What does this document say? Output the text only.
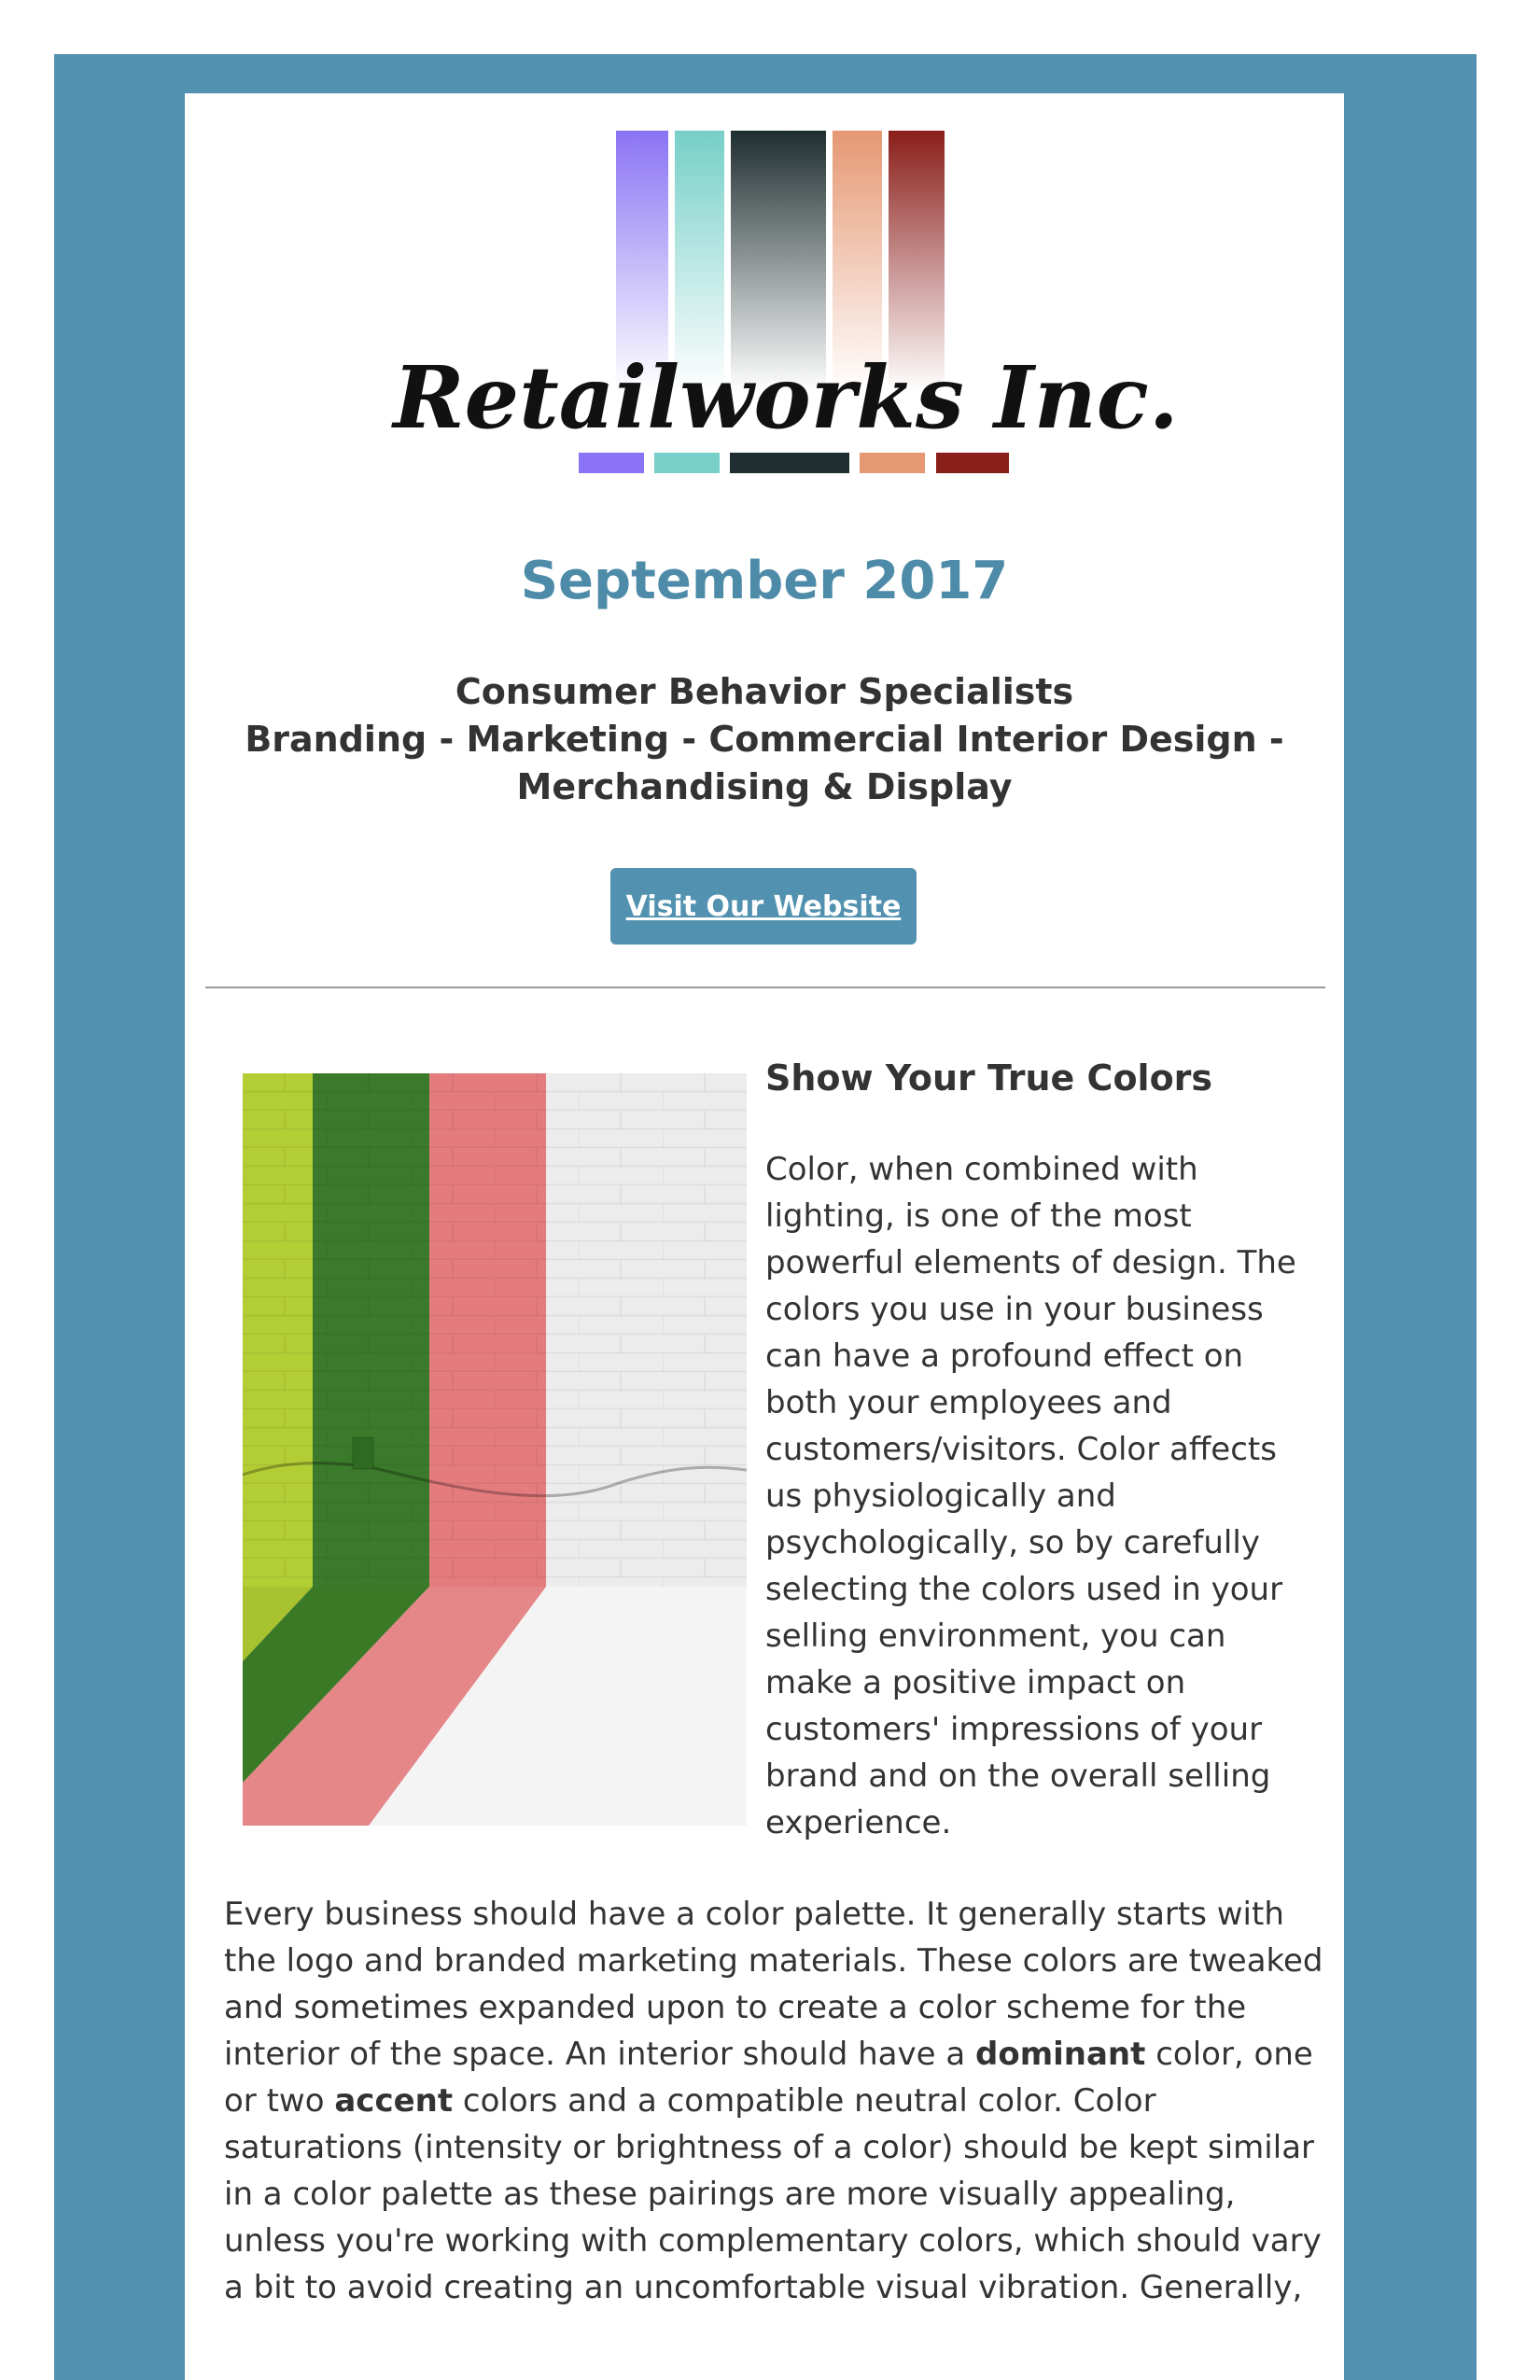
Retailworks Inc.
September 2017
Consumer Behavior Specialists
Branding - Marketing - Commercial Interior Design -
Merchandising & Display
Visit Our Website
Show Your True Colors

Color, when combined with lighting, is one of the most powerful elements of design. The colors you use in your business can have a profound effect on both your employees and customers/visitors. Color affects us physiologically and psychologically, so by carefully selecting the colors used in your selling environment, you can make a positive impact on customers' impressions of your brand and on the overall selling experience.

Every business should have a color palette. It generally starts with the logo and branded marketing materials. These colors are tweaked and sometimes expanded upon to create a color scheme for the interior of the space. An interior should have a dominant color, one or two accent colors and a compatible neutral color. Color saturations (intensity or brightness of a color) should be kept similar in a color palette as these pairings are more visually appealing, unless you're working with complementary colors, which should vary a bit to avoid creating an uncomfortable visual vibration. Generally,
